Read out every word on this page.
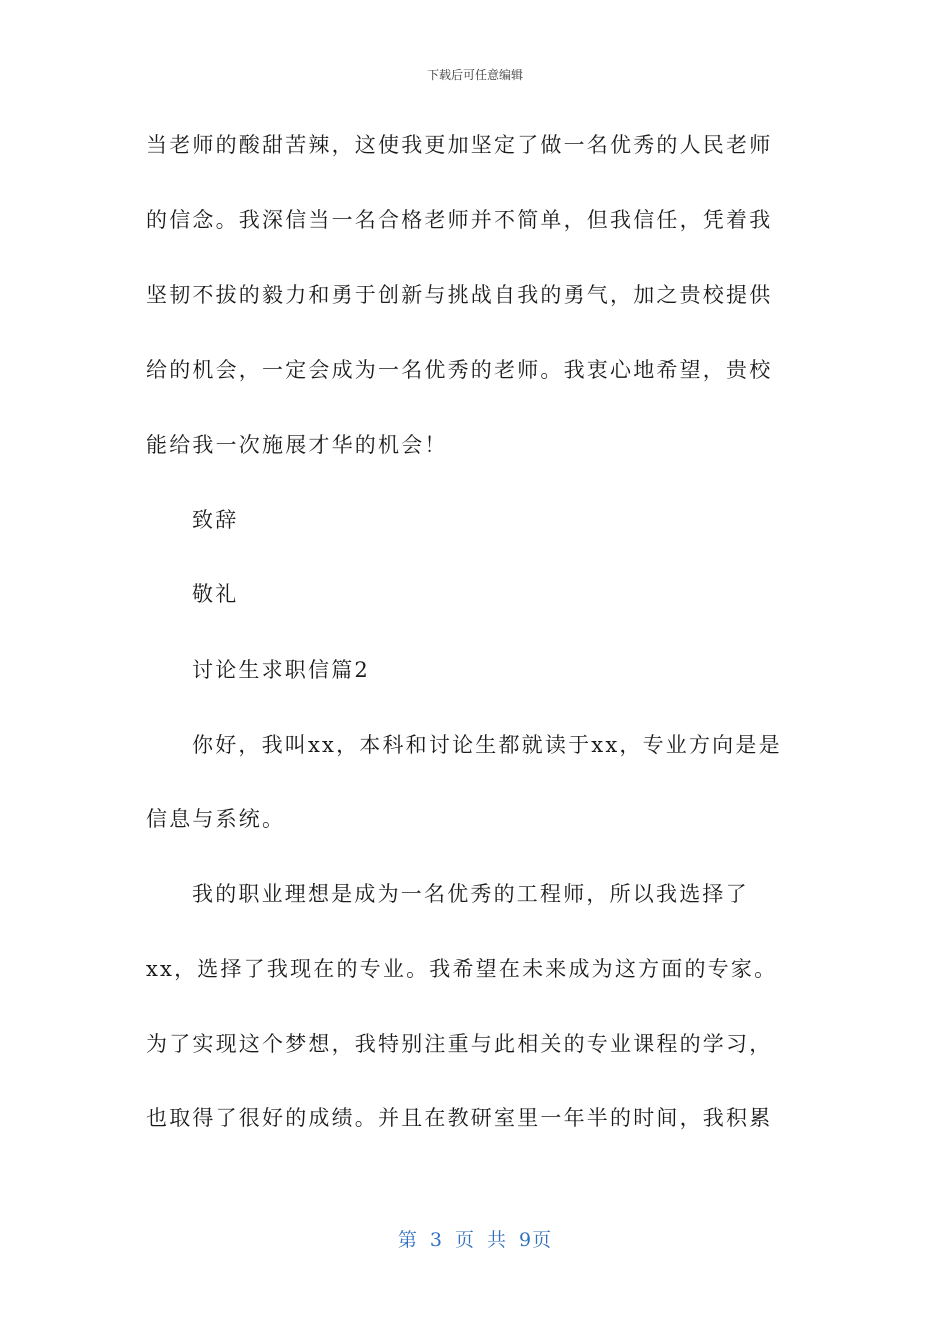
下载后可任意编辑
当老师的酸甜苦辣，这使我更加坚定了做一名优秀的人民老师
的信念。我深信当一名合格老师并不简单，但我信任，凭着我
坚韧不拔的毅力和勇于创新与挑战自我的勇气，加之贵校提供
给的机会，一定会成为一名优秀的老师。我衷心地希望，贵校
能给我一次施展才华的机会！
致辞
敬礼
讨论生求职信篇2
你好，我叫xx，本科和讨论生都就读于xx，专业方向是是
信息与系统。
我的职业理想是成为一名优秀的工程师，所以我选择了
xx，选择了我现在的专业。我希望在未来成为这方面的专家。
为了实现这个梦想，我特别注重与此相关的专业课程的学习，
也取得了很好的成绩。并且在教研室里一年半的时间，我积累
第 3 页 共 9页
